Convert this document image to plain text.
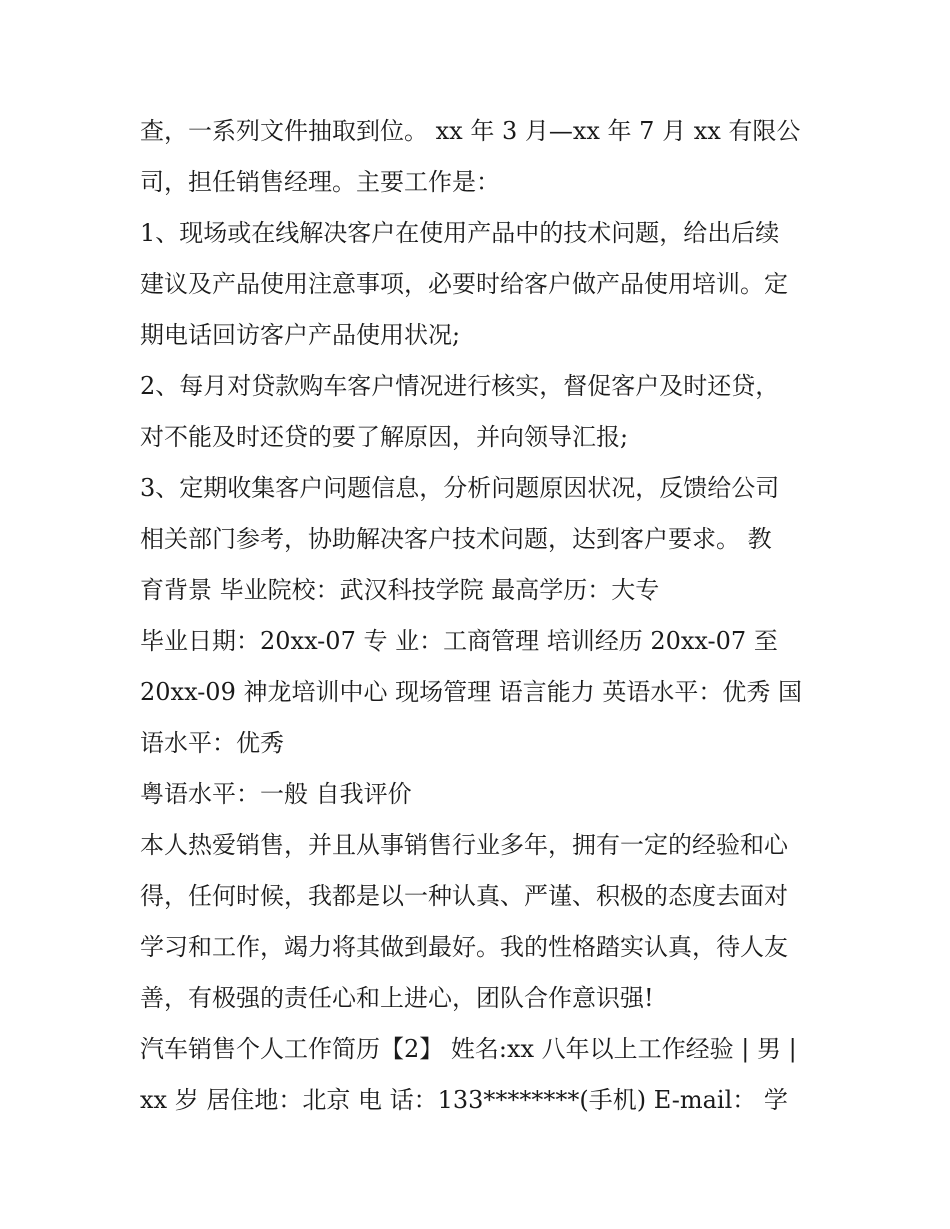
查，一系列文件抽取到位。 xx 年 3 月—xx 年 7 月 xx 有限公
司，担任销售经理。主要工作是：
1、现场或在线解决客户在使用产品中的技术问题，给出后续
建议及产品使用注意事项，必要时给客户做产品使用培训。定
期电话回访客户产品使用状况;
2、每月对贷款购车客户情况进行核实，督促客户及时还贷，
对不能及时还贷的要了解原因，并向领导汇报;
3、定期收集客户问题信息，分析问题原因状况，反馈给公司
相关部门参考，协助解决客户技术问题，达到客户要求。 教
育背景 毕业院校：武汉科技学院 最高学历：大专
毕业日期：20xx-07 专 业：工商管理 培训经历 20xx-07 至
20xx-09 神龙培训中心 现场管理 语言能力 英语水平：优秀 国
语水平：优秀
粤语水平：一般 自我评价
本人热爱销售，并且从事销售行业多年，拥有一定的经验和心
得，任何时候，我都是以一种认真、严谨、积极的态度去面对
学习和工作，竭力将其做到最好。我的性格踏实认真，待人友
善，有极强的责任心和上进心，团队合作意识强!
汽车销售个人工作简历【2】 姓名:xx 八年以上工作经验 | 男 |
xx 岁 居住地：北京 电 话：133********(手机) E-mail： 学
